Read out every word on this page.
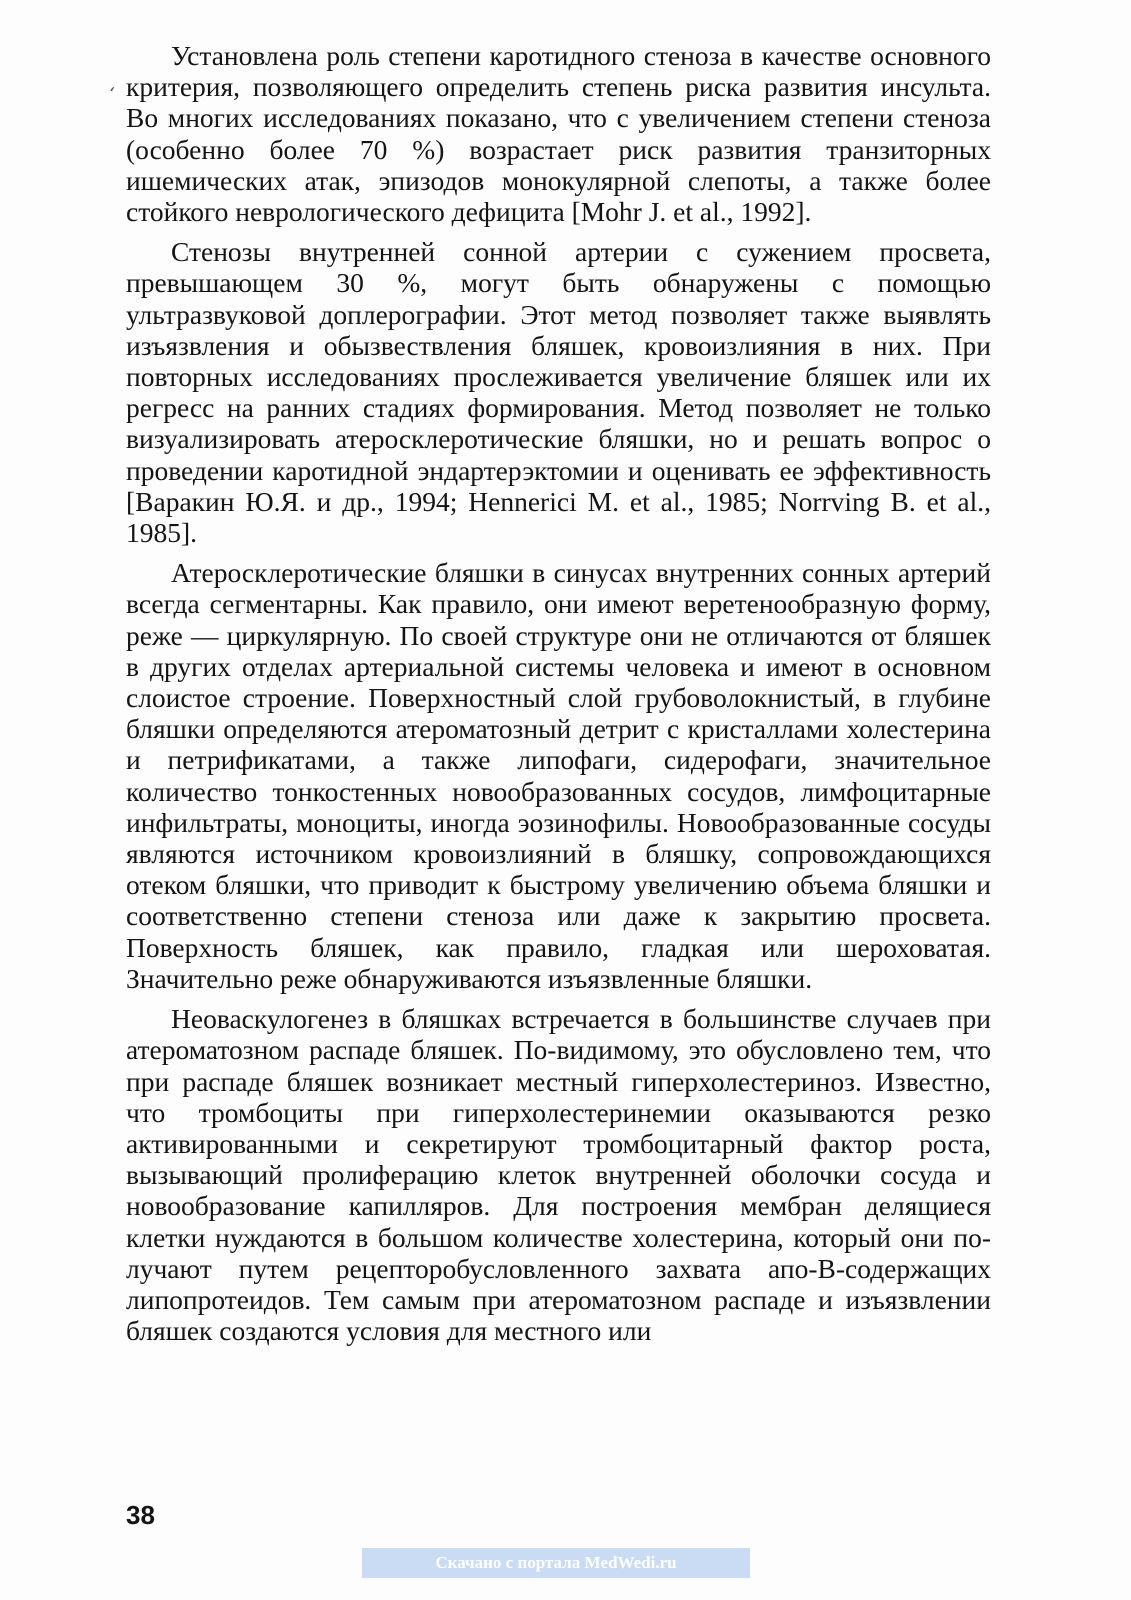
‘

Установлена роль степени каротидного стеноза в качестве основного критерия, позволяющего определить степень риска развития инсульта. Во многих исследованиях показано, что с увеличением степени стеноза (особенно более 70 %) возрастает риск развития транзиторных ишемических атак, эпизодов монокулярной слепоты, а также более стойкого неврологического дефицита [Mohr J. et al., 1992].

Стенозы внутренней сонной артерии с сужением просвета, превышающем 30 %, могут быть обнаружены с помощью ультразвуковой доплерографии. Этот метод позволяет также выявлять изъязвления и обызвествления бляшек, кровоизлияния в них. При повторных исследованиях прослеживается увеличение бляшек или их регресс на ранних стадиях формирования. Метод позволяет не только визуализировать атеросклеротические бляшки, но и решать вопрос о проведении каротидной эндартерэктомии и оценивать ее эффективность [Варакин Ю.Я. и др., 1994; Hennerici M. et al., 1985; Norrving B. et al., 1985].

Атеросклеротические бляшки в синусах внутренних сонных артерий всегда сегментарны. Как правило, они имеют веретенообразную форму, реже — циркулярную. По своей структуре они не отличаются от бляшек в других отделах артериальной системы человека и имеют в основном слоистое строение. Поверхностный слой грубоволокнистый, в глубине бляшки определяются атероматозный детрит с кристаллами холестерина и петрификатами, а также липофаги, сидерофаги, значительное количество тонкостенных новообразованных сосудов, лимфоцитарные инфильтраты, моноциты, иногда эозинофилы. Новообразованные сосуды являются источником кровоизлияний в бляшку, сопровождающихся отеком бляшки, что приводит к быстрому увеличению объема бляшки и соответственно степени стеноза или даже к закрытию просвета. Поверхность бляшек, как правило, гладкая или шероховатая. Значительно реже обнаруживаются изъязвленные бляшки.

Неоваскулогенез в бляшках встречается в большинстве случаев при атероматозном распаде бляшек. По-видимому, это обусловлено тем, что при распаде бляшек возникает местный гиперхолестериноз. Известно, что тромбоциты при гиперхолестеринемии оказываются резко активированными и секретируют тромбоцитарный фактор роста, вызывающий пролиферацию клеток внутренней оболочки сосуда и новообразование капилляров. Для построения мембран делящиеся клетки нуждаются в большом количестве холестерина, который они получают путем рецепторобусловленного захвата апо-В-содержащих липопротеидов. Тем самым при атероматозном распаде и изъязвлении бляшек создаются условия для местного или

38
Скачано с портала MedWedi.ru
